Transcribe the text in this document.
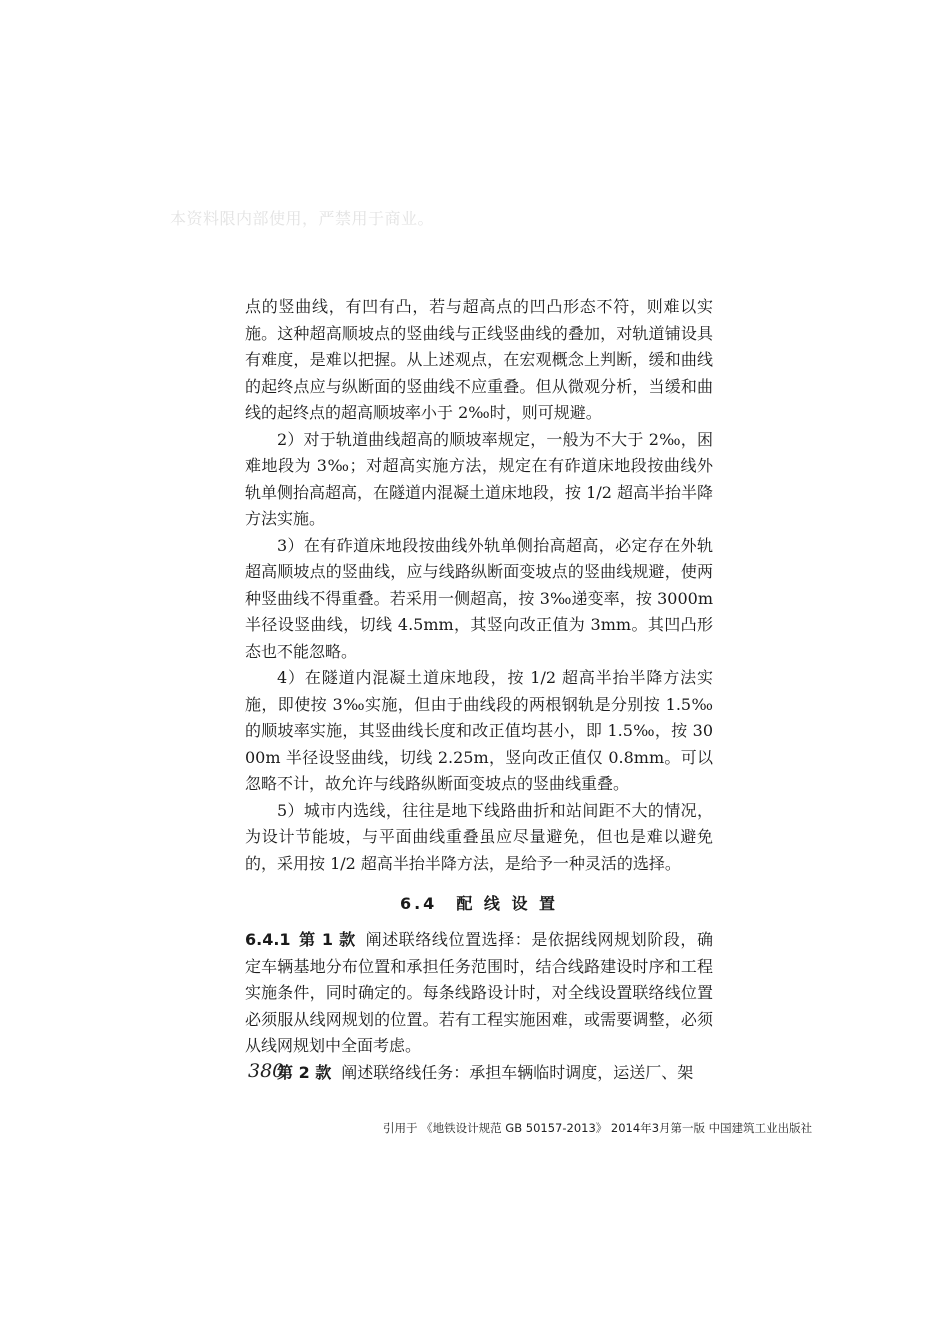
本资料限内部使用，严禁用于商业。

点的竖曲线，有凹有凸，若与超高点的凹凸形态不符，则难以实施。这种超高顺坡点的竖曲线与正线竖曲线的叠加，对轨道铺设具有难度，是难以把握。从上述观点，在宏观概念上判断，缓和曲线的起终点应与纵断面的竖曲线不应重叠。但从微观分析，当缓和曲线的起终点的超高顺坡率小于 2‰时，则可规避。

2）对于轨道曲线超高的顺坡率规定，一般为不大于 2‰，困难地段为 3‰；对超高实施方法，规定在有砟道床地段按曲线外轨单侧抬高超高，在隧道内混凝土道床地段，按 1/2 超高半抬半降方法实施。

3）在有砟道床地段按曲线外轨单侧抬高超高，必定存在外轨超高顺坡点的竖曲线，应与线路纵断面变坡点的竖曲线规避，使两种竖曲线不得重叠。若采用一侧超高，按 3‰递变率，按 3000m 半径设竖曲线，切线 4.5mm，其竖向改正值为 3mm。其凹凸形态也不能忽略。

4）在隧道内混凝土道床地段，按 1/2 超高半抬半降方法实施，即使按 3‰实施，但由于曲线段的两根钢轨是分别按 1.5‰ 的顺坡率实施，其竖曲线长度和改正值均甚小，即 1.5‰，按 3000m 半径设竖曲线，切线 2.25m，竖向改正值仅 0.8mm。可以忽略不计，故允许与线路纵断面变坡点的竖曲线重叠。

5）城市内选线，往往是地下线路曲折和站间距不大的情况，为设计节能坡，与平面曲线重叠虽应尽量避免，但也是难以避免的，采用按 1/2 超高半抬半降方法，是给予一种灵活的选择。

6.4　配 线 设 置

6.4.1 第 1 款 阐述联络线位置选择：是依据线网规划阶段，确定车辆基地分布位置和承担任务范围时，结合线路建设时序和工程实施条件，同时确定的。每条线路设计时，对全线设置联络线位置必须服从线网规划的位置。若有工程实施困难，或需要调整，必须从线网规划中全面考虑。

第 2 款 阐述联络线任务：承担车辆临时调度，运送厂、架

380
引用于 《地铁设计规范 GB 50157-2013》 2014年3月第一版 中国建筑工业出版社
